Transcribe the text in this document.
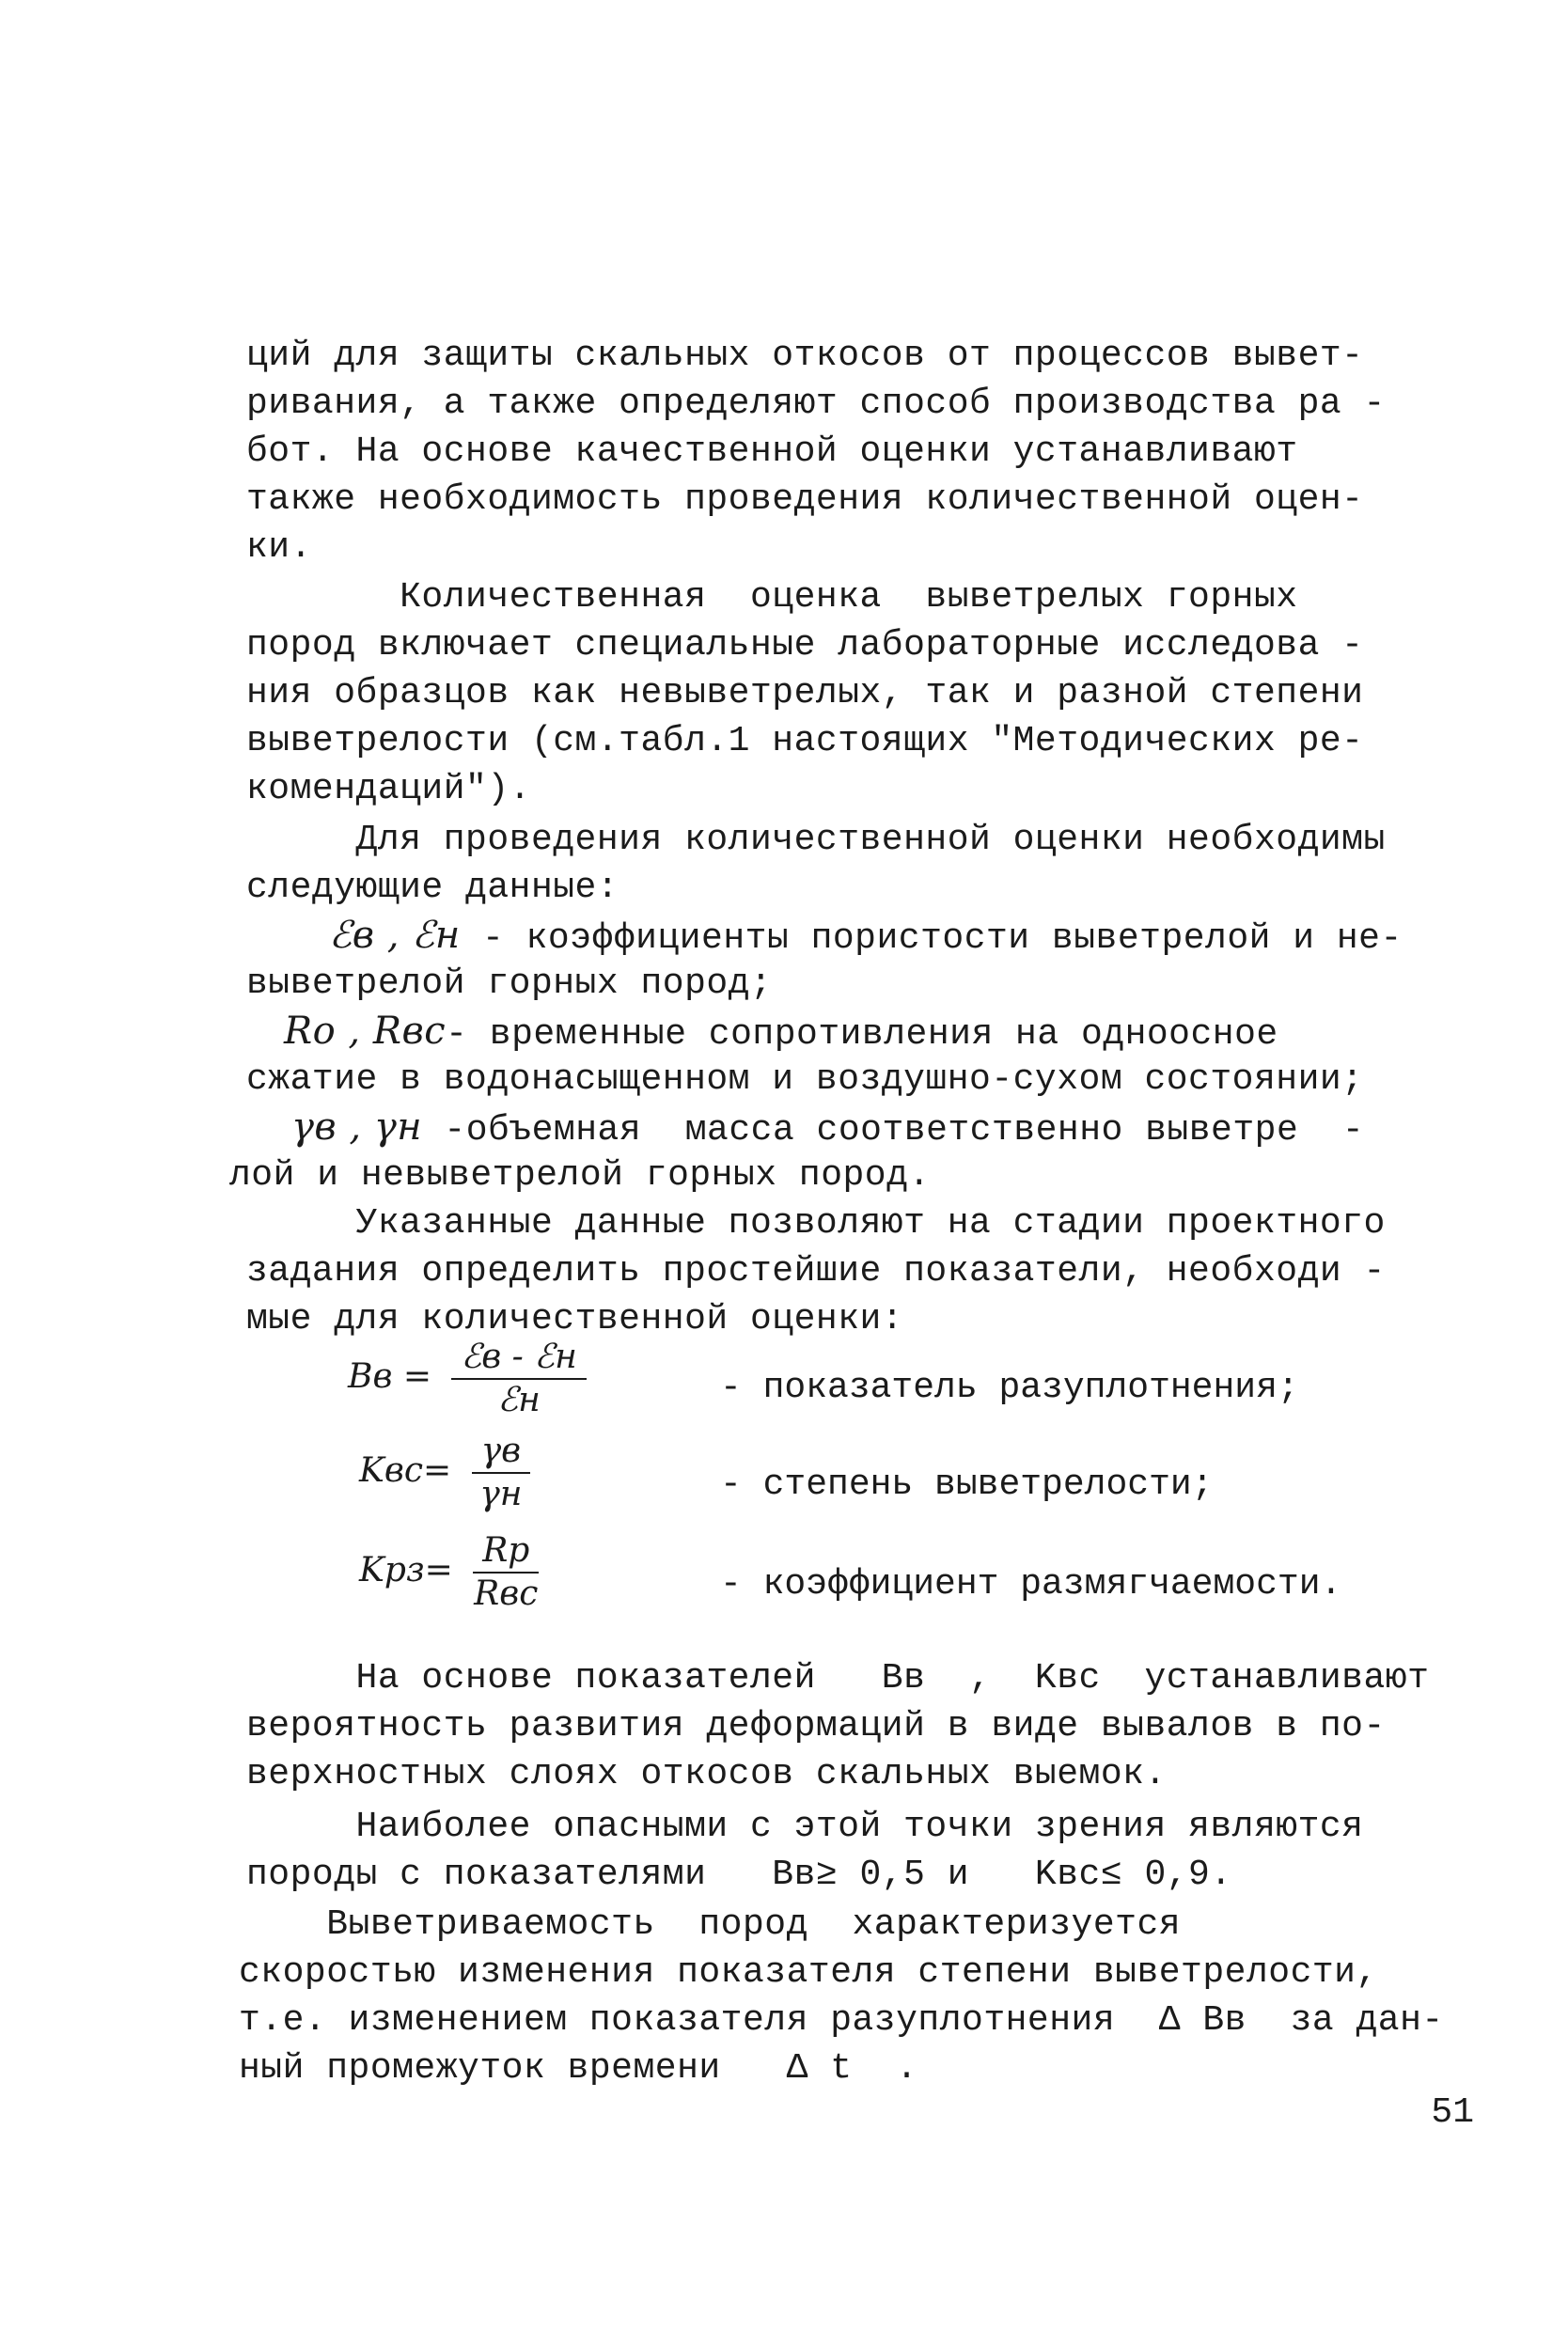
ций для защиты скальных откосов от процессов вывет-
ривания, а также определяют способ производства ра -
бот. На основе качественной оценки устанавливают
также необходимость проведения количественной оцен-
ки.
Количественная  оценка  выветрелых горных
пород включает специальные лабораторные исследова -
ния образцов как невыветрелых, так и разной степени
выветрелости (см.табл.1 настоящих "Методических ре-
комендаций").
Для проведения количественной оценки необходимы
следующие данные:
ℰв , ℰн - коэффициенты пористости выветрелой и не-
выветрелой горных пород;
Rо , Rвс- временные сопротивления на одноосное
сжатие в водонасыщенном и воздушно-сухом состоянии;
γв , γн -объемная  масса соответственно выветре  -
лой и невыветрелой горных пород.
Указанные данные позволяют на стадии проектного
задания определить простейшие показатели, необходи -
мые для количественной оценки:
Bв = $\frac{\text{ℰв - ℰн}}{\text{ℰн}}$	- показатель разуплотнения;
$Kвс= \frac{\gamma в}{\gamma н}$	- степень выветрелости;
$Kрз= \frac{Rр}{\text{Rвс}}$	- коэффициент размягчаемости.
На основе показателей   Bв  ,  Kвс  устанавливают
вероятность развития деформаций в виде вывалов в по-
верхностных слоях откосов скальных выемок.
Наиболее опасными с этой точки зрения являются
породы с показателями   Bв≥ 0,5 и   Kвс≤ 0,9.
Выветриваемость  пород  характеризуется
скоростью изменения показателя степени выветрелости,
т.е. изменением показателя разуплотнения  Δ Bв  за дан-
ный промежуток времени   Δ t  .
51
